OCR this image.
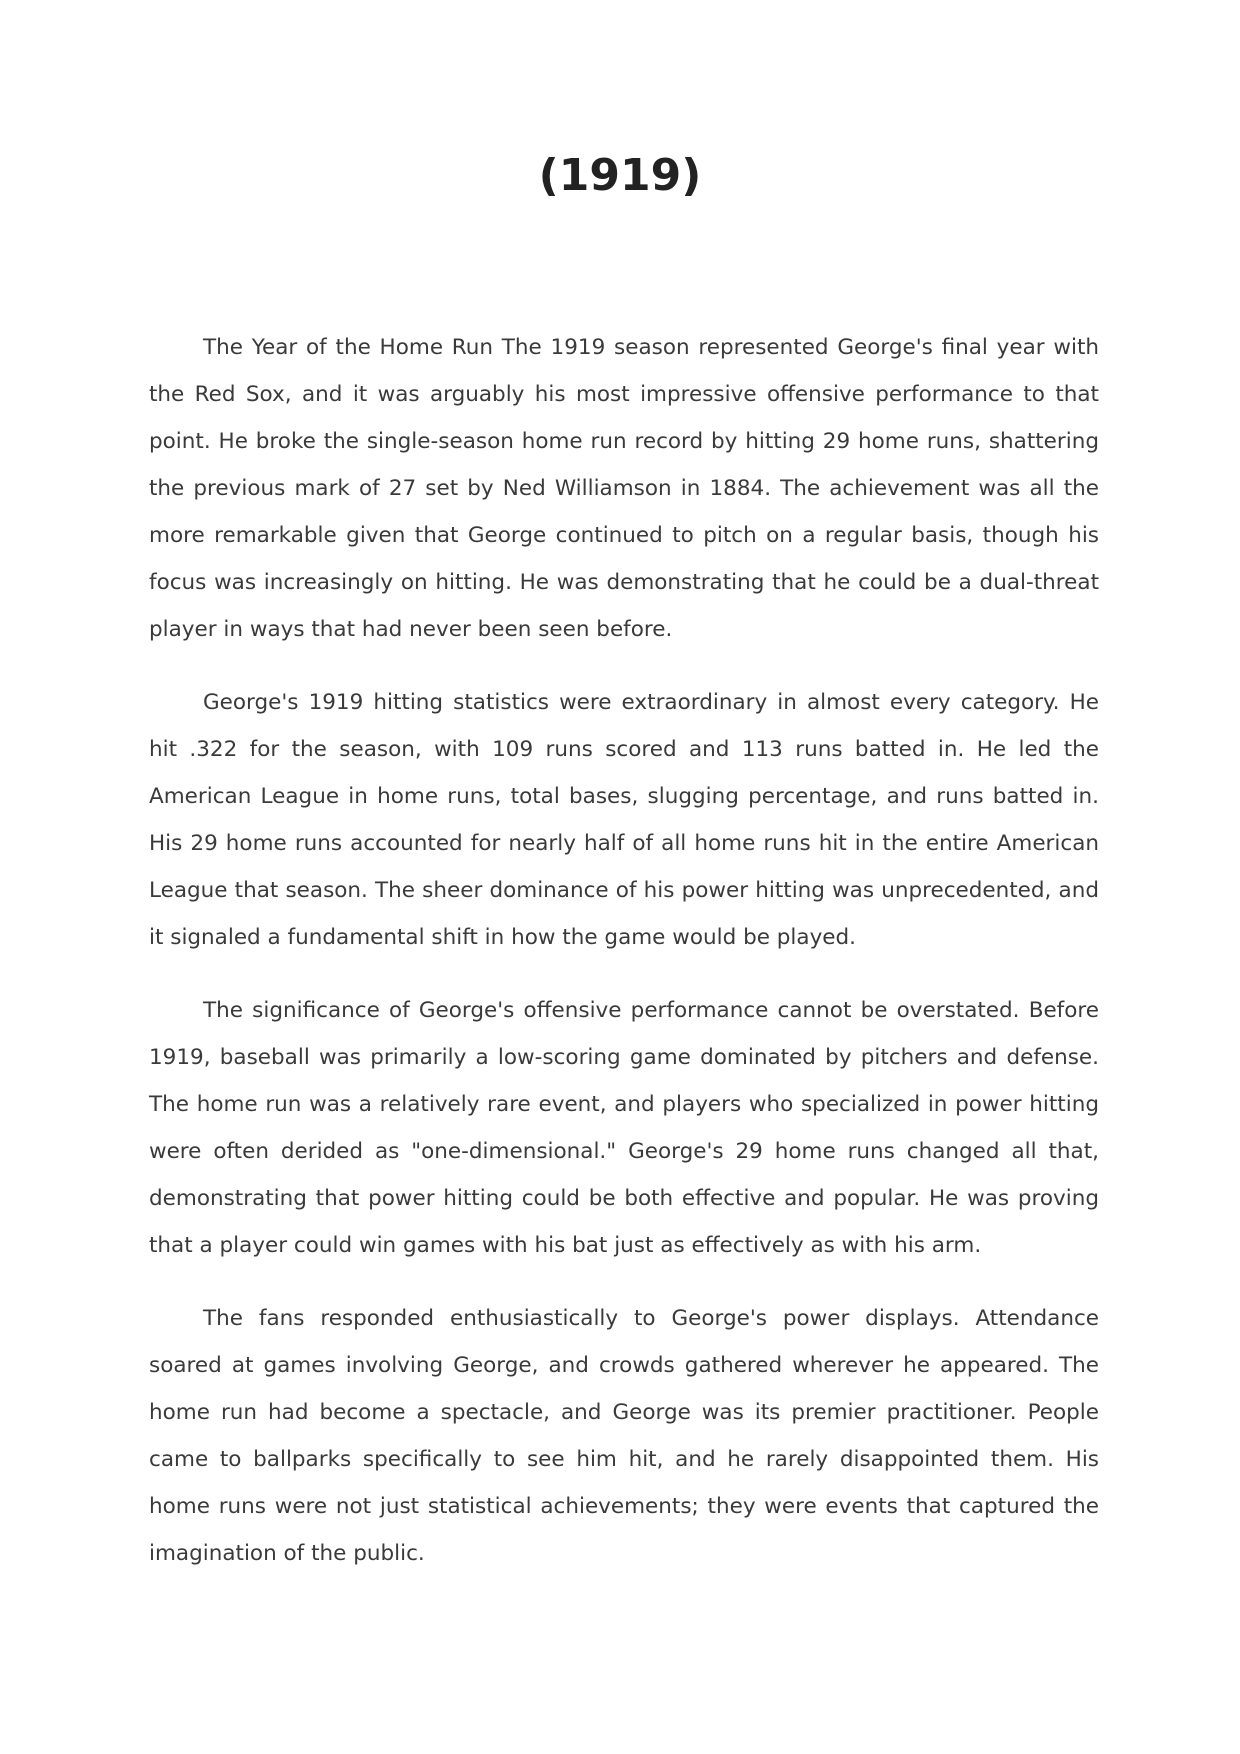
(1919)

The Year of the Home Run The 1919 season represented George's final year with the Red Sox, and it was arguably his most impressive offensive performance to that point. He broke the single-season home run record by hitting 29 home runs, shattering the previous mark of 27 set by Ned Williamson in 1884. The achievement was all the more remarkable given that George continued to pitch on a regular basis, though his focus was increasingly on hitting. He was demonstrating that he could be a dual-threat player in ways that had never been seen before.

George's 1919 hitting statistics were extraordinary in almost every category. He hit .322 for the season, with 109 runs scored and 113 runs batted in. He led the American League in home runs, total bases, slugging percentage, and runs batted in. His 29 home runs accounted for nearly half of all home runs hit in the entire American League that season. The sheer dominance of his power hitting was unprecedented, and it signaled a fundamental shift in how the game would be played.

The significance of George's offensive performance cannot be overstated. Before 1919, baseball was primarily a low-scoring game dominated by pitchers and defense. The home run was a relatively rare event, and players who specialized in power hitting were often derided as "one-dimensional." George's 29 home runs changed all that, demonstrating that power hitting could be both effective and popular. He was proving that a player could win games with his bat just as effectively as with his arm.

The fans responded enthusiastically to George's power displays. Attendance soared at games involving George, and crowds gathered wherever he appeared. The home run had become a spectacle, and George was its premier practitioner. People came to ballparks specifically to see him hit, and he rarely disappointed them. His home runs were not just statistical achievements; they were events that captured the imagination of the public.
